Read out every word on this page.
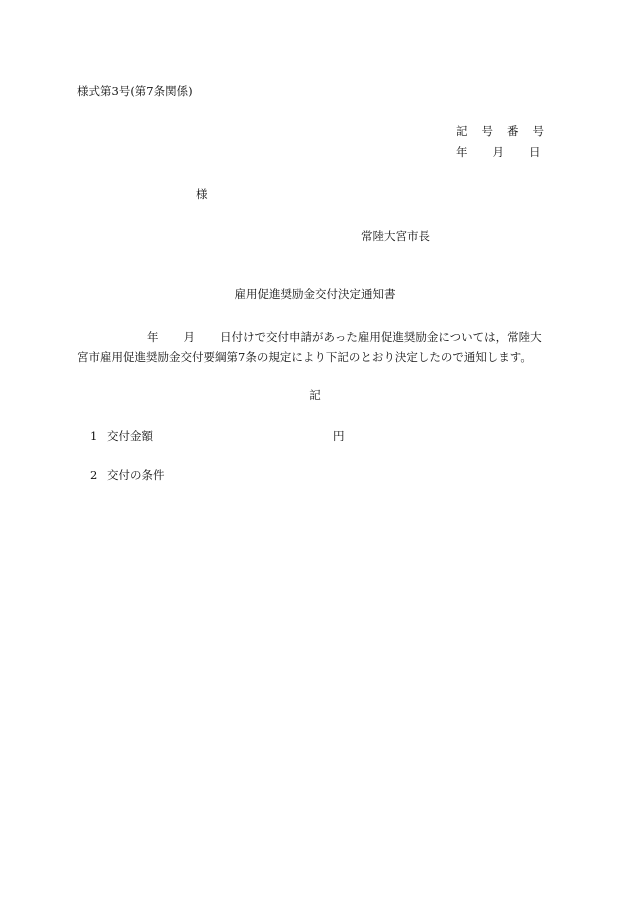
様式第3号(第7条関係)
記 号 番 号
年 月 日
様
常陸大宮市長
雇用促進奨励金交付決定通知書
年 月 日付けで交付申請があった雇用促進奨励金については，常陸大
宮市雇用促進奨励金交付要綱第7条の規定により下記のとおり決定したので通知します。
記
1 交付金額	円
2 交付の条件
